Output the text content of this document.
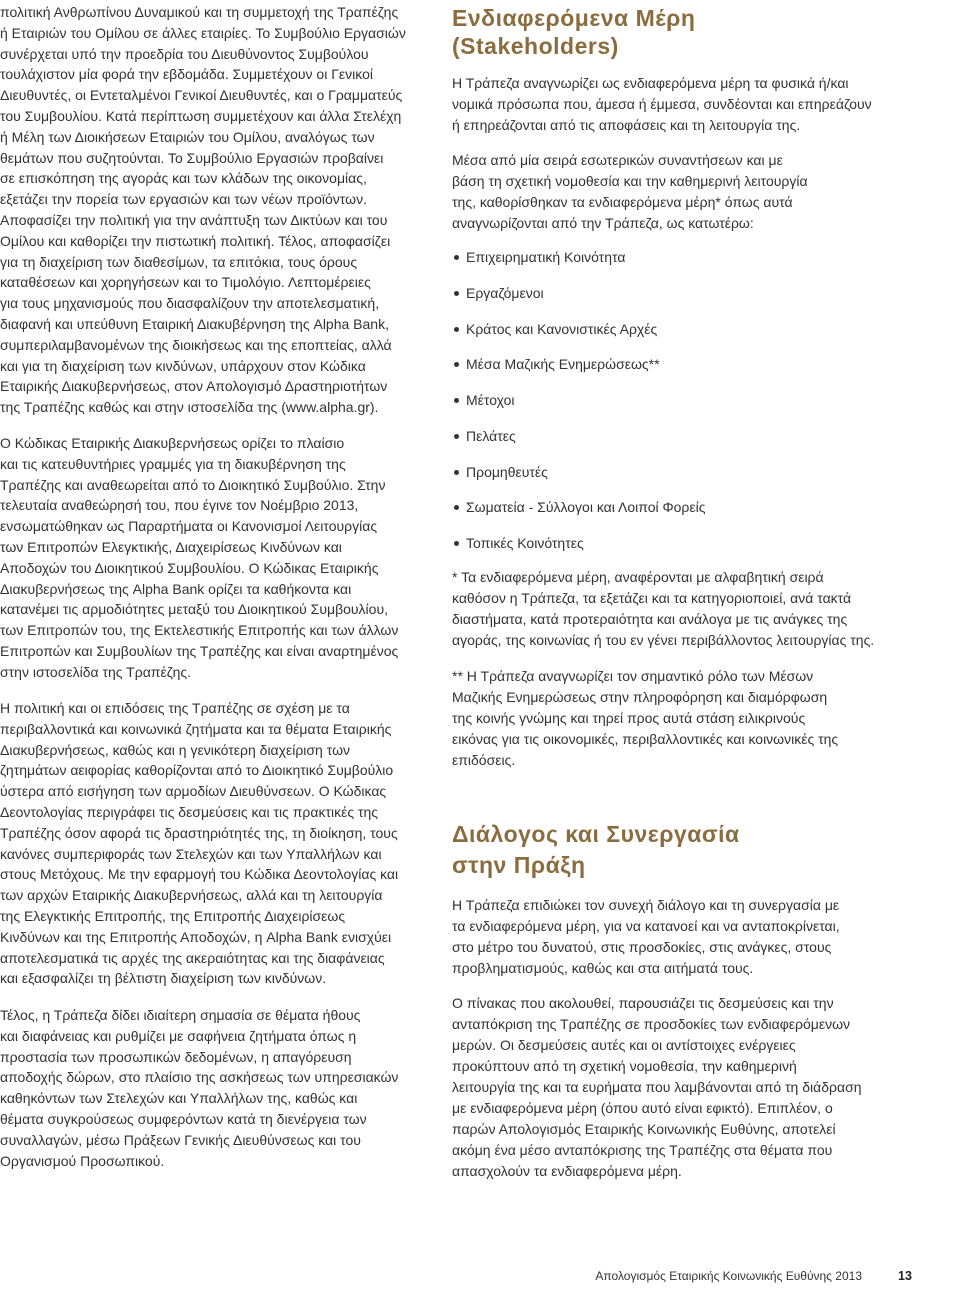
πολιτική Ανθρωπίνου Δυναμικού και τη συμμετοχή της Τραπέζης
ή Εταιριών του Ομίλου σε άλλες εταιρίες. Το Συμβούλιο Εργασιών
συνέρχεται υπό την προεδρία του Διευθύνοντος Συμβούλου
τουλάχιστον μία φορά την εβδομάδα. Συμμετέχουν οι Γενικοί
Διευθυντές, οι Εντεταλμένοι Γενικοί Διευθυντές, και ο Γραμματεύς
του Συμβουλίου. Κατά περίπτωση συμμετέχουν και άλλα Στελέχη
ή Μέλη των Διοικήσεων Εταιριών του Ομίλου, αναλόγως των
θεμάτων που συζητούνται. Το Συμβούλιο Εργασιών προβαίνει
σε επισκόπηση της αγοράς και των κλάδων της οικονομίας,
εξετάζει την πορεία των εργασιών και των νέων προϊόντων.
Αποφασίζει την πολιτική για την ανάπτυξη των Δικτύων και του
Ομίλου και καθορίζει την πιστωτική πολιτική. Τέλος, αποφασίζει
για τη διαχείριση των διαθεσίμων, τα επιτόκια, τους όρους
καταθέσεων και χορηγήσεων και το Τιμολόγιο. Λεπτομέρειες
για τους μηχανισμούς που διασφαλίζουν την αποτελεσματική,
διαφανή και υπεύθυνη Εταιρική Διακυβέρνηση της Alpha Bank,
συμπεριλαμβανομένων της διοικήσεως και της εποπτείας, αλλά
και για τη διαχείριση των κινδύνων, υπάρχουν στον Κώδικα
Εταιρικής Διακυβερνήσεως, στον Απολογισμό Δραστηριοτήτων
της Τραπέζης καθώς και στην ιστοσελίδα της (www.alpha.gr).
Ο Κώδικας Εταιρικής Διακυβερνήσεως ορίζει το πλαίσιο
και τις κατευθυντήριες γραμμές για τη διακυβέρνηση της
Τραπέζης και αναθεωρείται από το Διοικητικό Συμβούλιο. Στην
τελευταία αναθεώρησή του, που έγινε τον Νοέμβριο 2013,
ενσωματώθηκαν ως Παραρτήματα οι Κανονισμοί Λειτουργίας
των Επιτροπών Ελεγκτικής, Διαχειρίσεως Κινδύνων και
Αποδοχών του Διοικητικού Συμβουλίου. Ο Κώδικας Εταιρικής
Διακυβερνήσεως της Alpha Bank ορίζει τα καθήκοντα και
κατανέμει τις αρμοδιότητες μεταξύ του Διοικητικού Συμβουλίου,
των Επιτροπών του, της Εκτελεστικής Επιτροπής και των άλλων
Επιτροπών και Συμβουλίων της Τραπέζης και είναι αναρτημένος
στην ιστοσελίδα της Τραπέζης.
Η πολιτική και οι επιδόσεις της Τραπέζης σε σχέση με τα
περιβαλλοντικά και κοινωνικά ζητήματα και τα θέματα Εταιρικής
Διακυβερνήσεως, καθώς και η γενικότερη διαχείριση των
ζητημάτων αειφορίας καθορίζονται από το Διοικητικό Συμβούλιο
ύστερα από εισήγηση των αρμοδίων Διευθύνσεων. Ο Κώδικας
Δεοντολογίας περιγράφει τις δεσμεύσεις και τις πρακτικές της
Τραπέζης όσον αφορά τις δραστηριότητές της, τη διοίκηση, τους
κανόνες συμπεριφοράς των Στελεχών και των Υπαλλήλων και
στους Μετόχους. Με την εφαρμογή του Κώδικα Δεοντολογίας και
των αρχών Εταιρικής Διακυβερνήσεως, αλλά και τη λειτουργία
της Ελεγκτικής Επιτροπής, της Επιτροπής Διαχειρίσεως
Κινδύνων και της Επιτροπής Αποδοχών, η Alpha Bank ενισχύει
αποτελεσματικά τις αρχές της ακεραιότητας και της διαφάνειας
και εξασφαλίζει τη βέλτιστη διαχείριση των κινδύνων.
Τέλος, η Τράπεζα δίδει ιδιαίτερη σημασία σε θέματα ήθους
και διαφάνειας και ρυθμίζει με σαφήνεια ζητήματα όπως η
προστασία των προσωπικών δεδομένων, η απαγόρευση
αποδοχής δώρων, στο πλαίσιο της ασκήσεως των υπηρεσιακών
καθηκόντων των Στελεχών και Υπαλλήλων της, καθώς και
θέματα συγκρούσεως συμφερόντων κατά τη διενέργεια των
συναλλαγών, μέσω Πράξεων Γενικής Διευθύνσεως και του
Οργανισμού Προσωπικού.
Ενδιαφερόμενα Μέρη
(Stakeholders)
Η Τράπεζα αναγνωρίζει ως ενδιαφερόμενα μέρη τα φυσικά ή/και
νομικά πρόσωπα που, άμεσα ή έμμεσα, συνδέονται και επηρεάζουν
ή επηρεάζονται από τις αποφάσεις και τη λειτουργία της.
Μέσα από μία σειρά εσωτερικών συναντήσεων και με
βάση τη σχετική νομοθεσία και την καθημερινή λειτουργία
της, καθορίσθηκαν τα ενδιαφερόμενα μέρη* όπως αυτά
αναγνωρίζονται από την Τράπεζα, ως κατωτέρω:
Επιχειρηματική Κοινότητα
Εργαζόμενοι
Κράτος και Κανονιστικές Αρχές
Μέσα Μαζικής Ενημερώσεως**
Μέτοχοι
Πελάτες
Προμηθευτές
Σωματεία - Σύλλογοι και Λοιποί Φορείς
Τοπικές Κοινότητες
* Τα ενδιαφερόμενα μέρη, αναφέρονται με αλφαβητική σειρά
καθόσον η Τράπεζα, τα εξετάζει και τα κατηγοριοποιεί, ανά τακτά
διαστήματα, κατά προτεραιότητα και ανάλογα με τις ανάγκες της
αγοράς, της κοινωνίας ή του εν γένει περιβάλλοντος λειτουργίας της.
** Η Τράπεζα αναγνωρίζει τον σημαντικό ρόλο των Μέσων
Μαζικής Ενημερώσεως στην πληροφόρηση και διαμόρφωση
της κοινής γνώμης και τηρεί προς αυτά στάση ειλικρινούς
εικόνας για τις οικονομικές, περιβαλλοντικές και κοινωνικές της
επιδόσεις.
Διάλογος και Συνεργασία
στην Πράξη
Η Τράπεζα επιδιώκει τον συνεχή διάλογο και τη συνεργασία με
τα ενδιαφερόμενα μέρη, για να κατανοεί και να ανταποκρίνεται,
στο μέτρο του δυνατού, στις προσδοκίες, στις ανάγκες, στους
προβληματισμούς, καθώς και στα αιτήματά τους.
Ο πίνακας που ακολουθεί, παρουσιάζει τις δεσμεύσεις και την
ανταπόκριση της Τραπέζης σε προσδοκίες των ενδιαφερόμενων
μερών. Οι δεσμεύσεις αυτές και οι αντίστοιχες ενέργειες
προκύπτουν από τη σχετική νομοθεσία, την καθημερινή
λειτουργία της και τα ευρήματα που λαμβάνονται από τη διάδραση
με ενδιαφερόμενα μέρη (όπου αυτό είναι εφικτό). Επιπλέον, ο
παρών Απολογισμός Εταιρικής Κοινωνικής Ευθύνης, αποτελεί
ακόμη ένα μέσο ανταπόκρισης της Τραπέζης στα θέματα που
απασχολούν τα ενδιαφερόμενα μέρη.
Απολογισμός Εταιρικής Κοινωνικής Ευθύνης 2013	13
